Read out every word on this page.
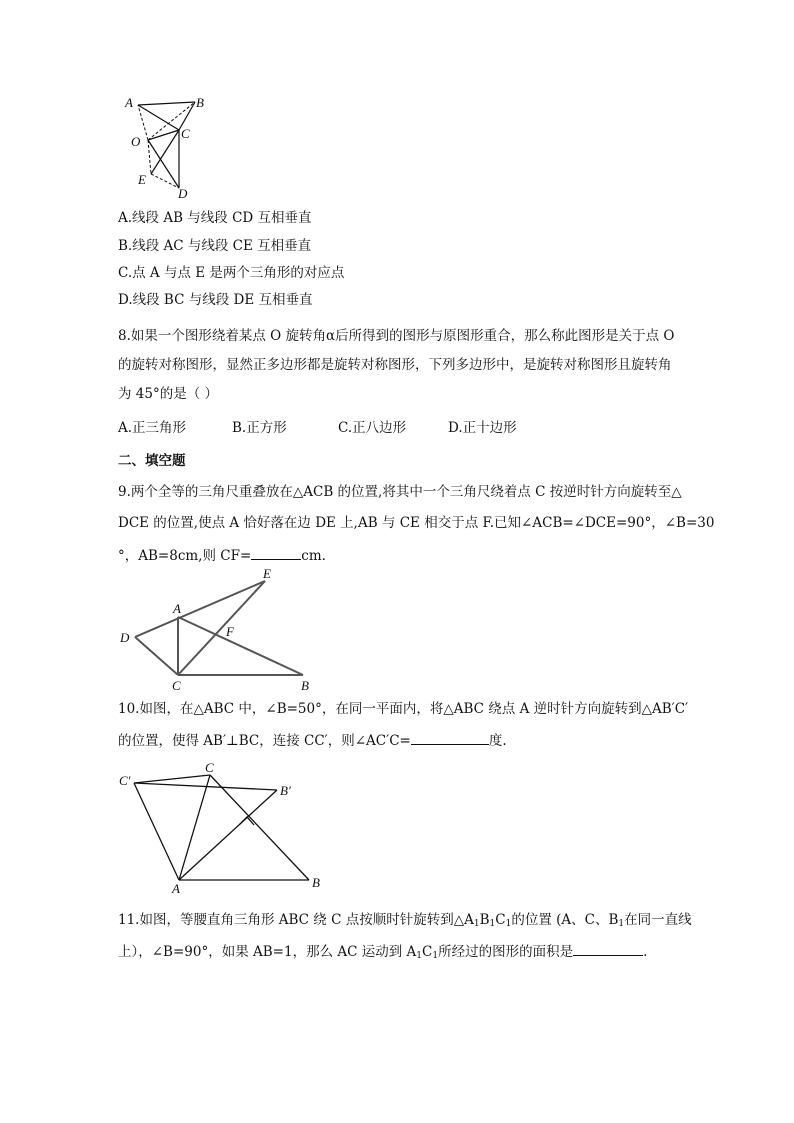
A	B
O
C
E
D
A.线段 AB 与线段 CD 互相垂直
B.线段 AC 与线段 CE 互相垂直
C.点 A 与点 E 是两个三角形的对应点
D.线段 BC 与线段 DE 互相垂直
8.如果一个图形绕着某点 O 旋转角α后所得到的图形与原图形重合，那么称此图形是关于点 O
的旋转对称图形，显然正多边形都是旋转对称图形，下列多边形中，是旋转对称图形且旋转角
为 45°的是（ ）
A.正三角形	B.正方形	C.正八边形	D.正十边形
二、填空题
9.两个全等的三角尺重叠放在△ACB 的位置,将其中一个三角尺绕着点 C 按逆时针方向旋转至△
DCE 的位置,使点 A 恰好落在边 DE 上,AB 与 CE 相交于点 F.已知∠ACB=∠DCE=90°，∠B=30
°，AB=8cm,则 CF=	cm.
E
A
F
D
C	B
10.如图，在△ABC 中，∠B=50°，在同一平面内，将△ABC 绕点 A 逆时针方向旋转到△AB′C′
的位置，使得 AB′⊥BC，连接 CC′，则∠AC′C=	度.
C′
C
B′
A	B
11.如图，等腰直角三角形 ABC 绕 C 点按顺时针旋转到$\triangle A_1B_1C_1$的位置 (A、C、$B_1$在同一直线
上），∠B=90°，如果 AB=1，那么 AC 运动到 $A_1C_1$所经过的图形的面积是	.
